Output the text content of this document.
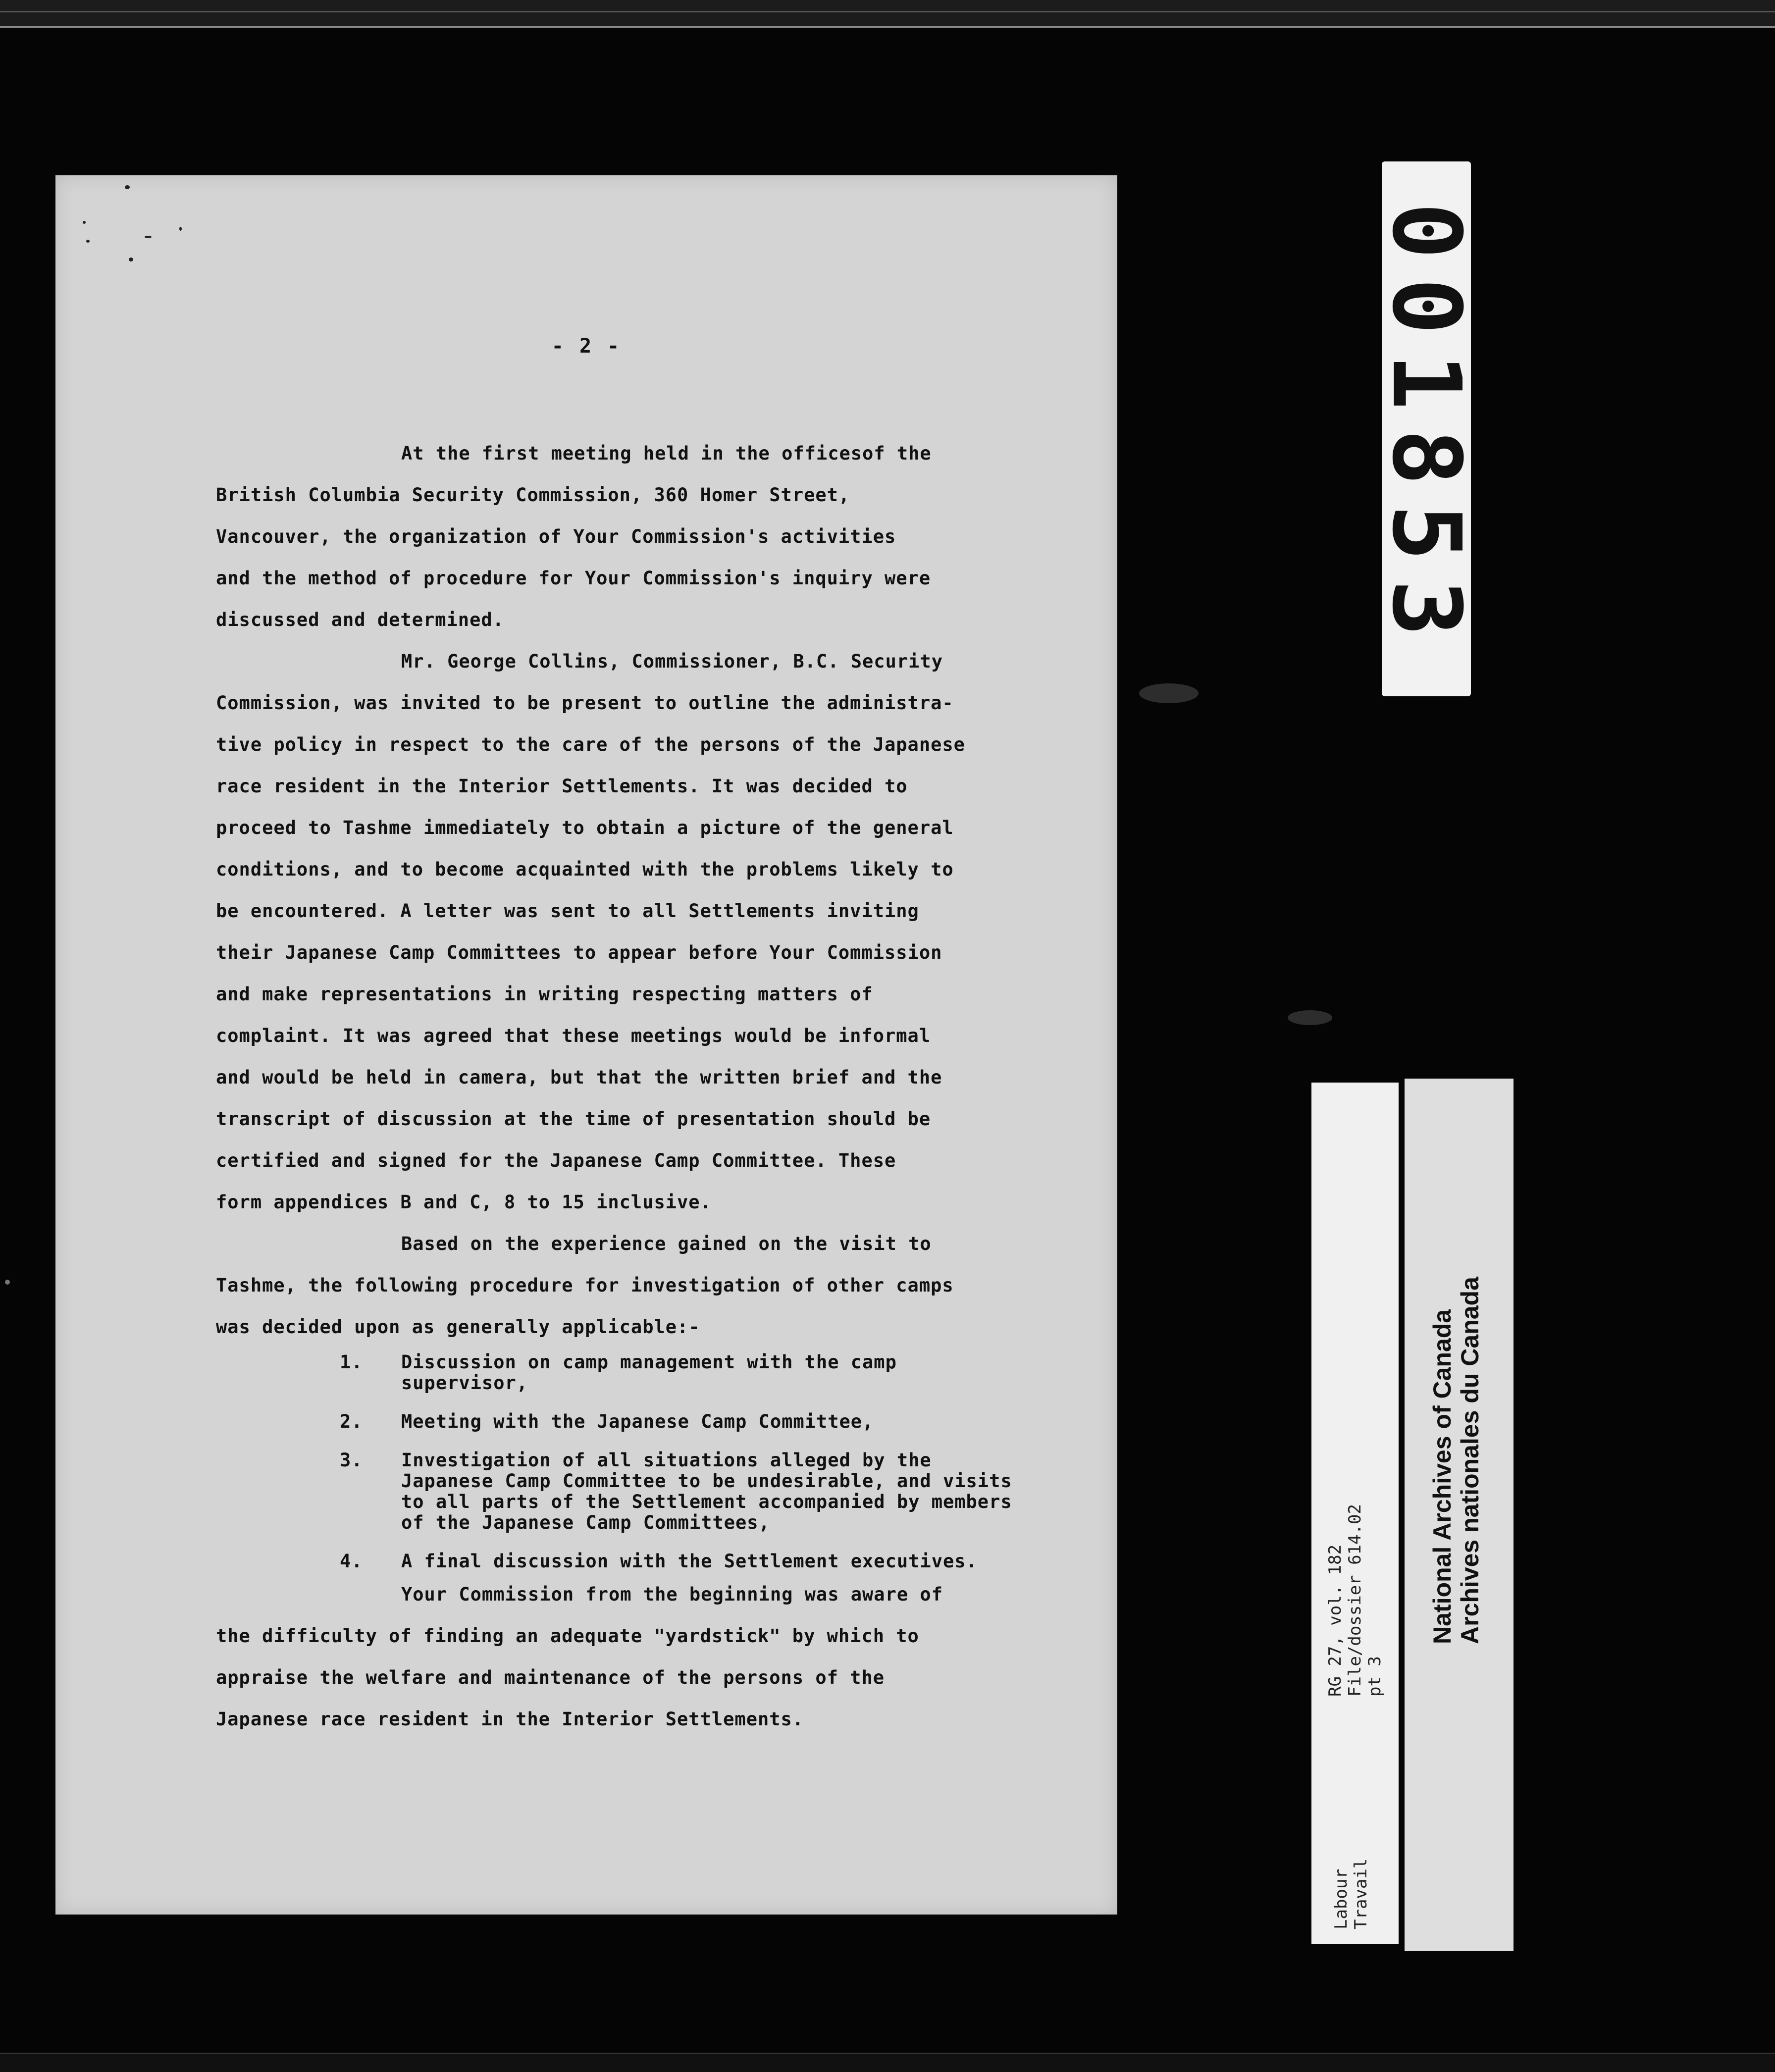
- 2 -

At the first meeting held in the officesof the

British Columbia Security Commission, 360 Homer Street,

Vancouver, the organization of Your Commission's activities

and the method of procedure for Your Commission's inquiry were

discussed and determined.

Mr. George Collins, Commissioner, B.C. Security

Commission, was invited to be present to outline the administra-

tive policy in respect to the care of the persons of the Japanese

race resident in the Interior Settlements. It was decided to

proceed to Tashme immediately to obtain a picture of the general

conditions, and to become acquainted with the problems likely to

be encountered. A letter was sent to all Settlements inviting

their Japanese Camp Committees to appear before Your Commission

and make representations in writing respecting matters of

complaint. It was agreed that these meetings would be informal

and would be held in camera, but that the written brief and the

transcript of discussion at the time of presentation should be

certified and signed for the Japanese Camp Committee. These

form appendices B and C, 8 to 15 inclusive.

Based on the experience gained on the visit to

Tashme, the following procedure for investigation of other camps

was decided upon as generally applicable:-

1.	Discussion on camp management with the camp supervisor,
2.	Meeting with the Japanese Camp Committee,
3.	Investigation of all situations alleged by the Japanese Camp Committee to be undesirable, and visits to all parts of the Settlement accompanied by members of the Japanese Camp Committees,
4.	A final discussion with the Settlement executives.

Your Commission from the beginning was aware of

the difficulty of finding an adequate "yardstick" by which to

appraise the welfare and maintenance of the persons of the

Japanese race resident in the Interior Settlements.

001853
Labour Travail
RG 27, vol. 182 File/dossier 614.02 pt 3
National Archives of Canada Archives nationales du Canada
